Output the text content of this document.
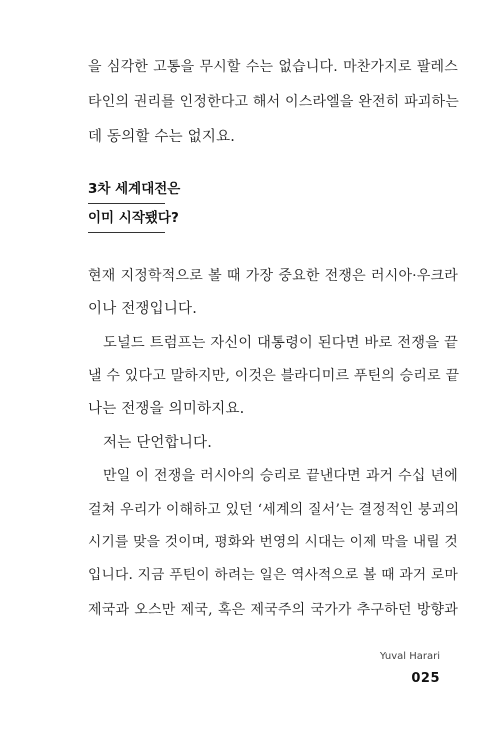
을 심각한 고통을 무시할 수는 없습니다. 마찬가지로 팔레스
타인의 권리를 인정한다고 해서 이스라엘을 완전히 파괴하는
데 동의할 수는 없지요.
3차 세계대전은
이미 시작됐다?
현재 지정학적으로 볼 때 가장 중요한 전쟁은 러시아·우크라
이나 전쟁입니다.
도널드 트럼프는 자신이 대통령이 된다면 바로 전쟁을 끝
낼 수 있다고 말하지만, 이것은 블라디미르 푸틴의 승리로 끝
나는 전쟁을 의미하지요.
저는 단언합니다.
만일 이 전쟁을 러시아의 승리로 끝낸다면 과거 수십 년에
걸쳐 우리가 이해하고 있던 ‘세계의 질서’는 결정적인 붕괴의
시기를 맞을 것이며, 평화와 번영의 시대는 이제 막을 내릴 것
입니다. 지금 푸틴이 하려는 일은 역사적으로 볼 때 과거 로마
제국과 오스만 제국, 혹은 제국주의 국가가 추구하던 방향과
Yuval Harari
025
